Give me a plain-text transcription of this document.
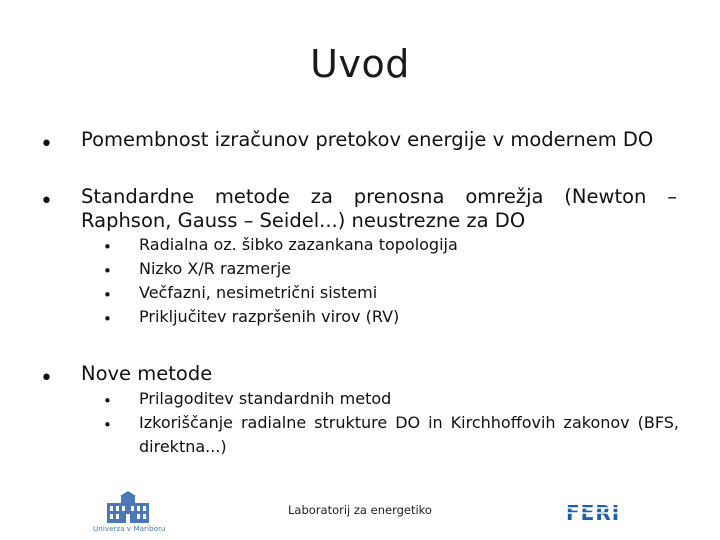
Uvod
• Pomembnost izračunov pretokov energije v modernem DO
• Standardne metode za prenosna omrežja (Newton – Raphson, Gauss – Seidel...) neustrezne za DO
• Radialna oz. šibko zazankana topologija
• Nizko X/R razmerje
• Večfazni, nesimetrični sistemi
• Priključitev razpršenih virov (RV)
• Nove metode
• Prilagoditev standardnih metod
• Izkoriščanje radialne strukture DO in Kirchhoffovih zakonov (BFS, direktna...)
Univerza v Mariboru
Laboratorij za energetiko	FERI
